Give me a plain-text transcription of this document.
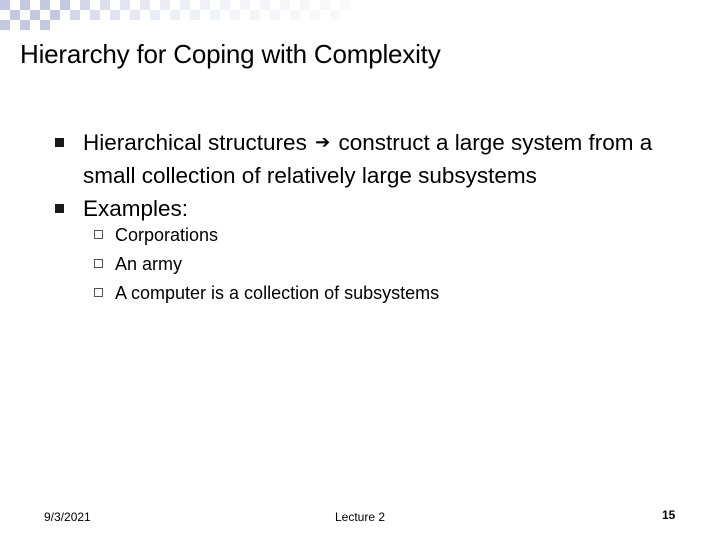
Hierarchy for Coping with Complexity
Hierarchical structures ➔ construct a large system from a small collection of relatively large subsystems
Examples:
Corporations
An army
A computer is a collection of subsystems
9/3/2021	Lecture 2	15
